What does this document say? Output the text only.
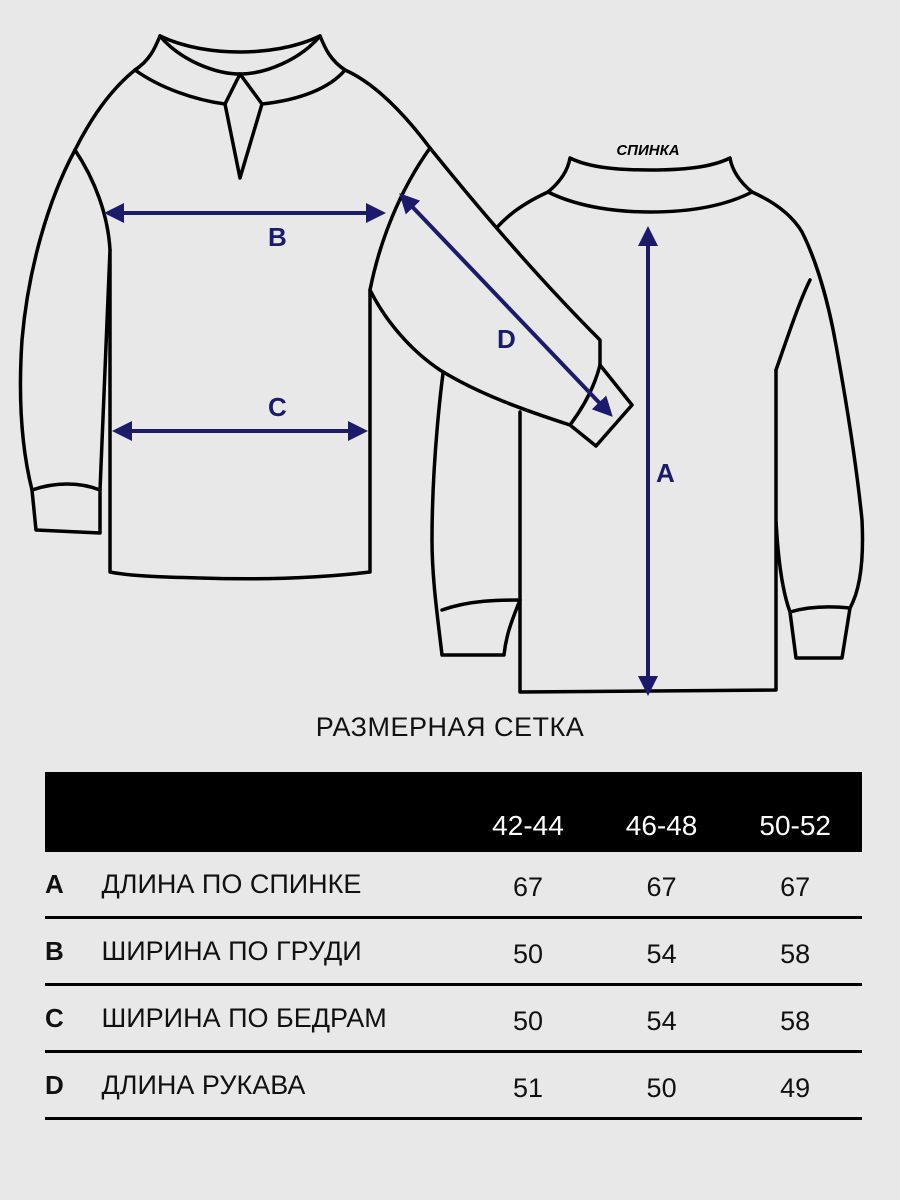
B
C
D
A
СПИНКА
РАЗМЕРНАЯ СЕТКА
		42-44	46-48	50-52
A	ДЛИНА ПО СПИНКЕ	67	67	67
B	ШИРИНА ПО ГРУДИ	50	54	58
C	ШИРИНА ПО БЕДРАМ	50	54	58
D	ДЛИНА РУКАВА	51	50	49
